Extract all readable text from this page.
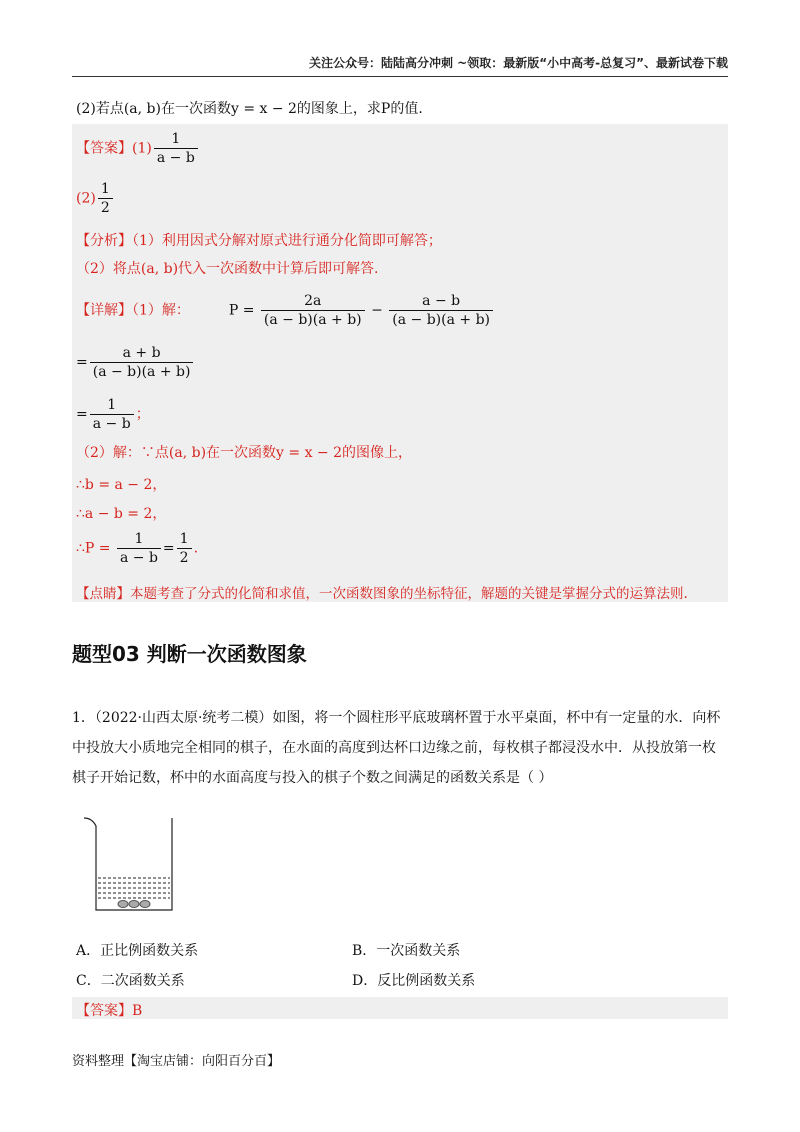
关注公众号：陆陆高分冲刺 ~领取：最新版“小中高考-总复习”、最新试卷下载
(2)若点(a, b)在一次函数y = x − 2的图象上，求P的值.
【答案】$(1) \frac{1}{a - b}$
$(2) \frac{1}{2}$
【分析】（1）利用因式分解对原式进行通分化简即可解答；
（2）将点(a, b)代入一次函数中计算后即可解答.
【详解】（1）解：	$P = \frac{2a}{(a - b)(a + b)} - \frac{a - b}{(a - b)(a + b)}$
= $\frac{a + b}{(a - b)(a + b)}$
= $\frac{1}{a - b}$ ；
（2）解：∵点(a, b)在一次函数y = x − 2的图像上，
∴b = a − 2，
∴a − b = 2，
∴P = $\frac{1}{a - b} = \frac{1}{2}$ .
【点睛】本题考查了分式的化简和求值，一次函数图象的坐标特征，解题的关键是掌握分式的运算法则.
题型03 判断一次函数图象
1．（2022·山西太原·统考二模）如图，将一个圆柱形平底玻璃杯置于水平桌面，杯中有一定量的水．向杯中投放大小质地完全相同的棋子，在水面的高度到达杯口边缘之前，每枚棋子都浸没水中．从投放第一枚棋子开始记数，杯中的水面高度与投入的棋子个数之间满足的函数关系是（ ）
A．正比例函数关系	B．一次函数关系
C．二次函数关系	D．反比例函数关系
【答案】B
资料整理【淘宝店铺：向阳百分百】
